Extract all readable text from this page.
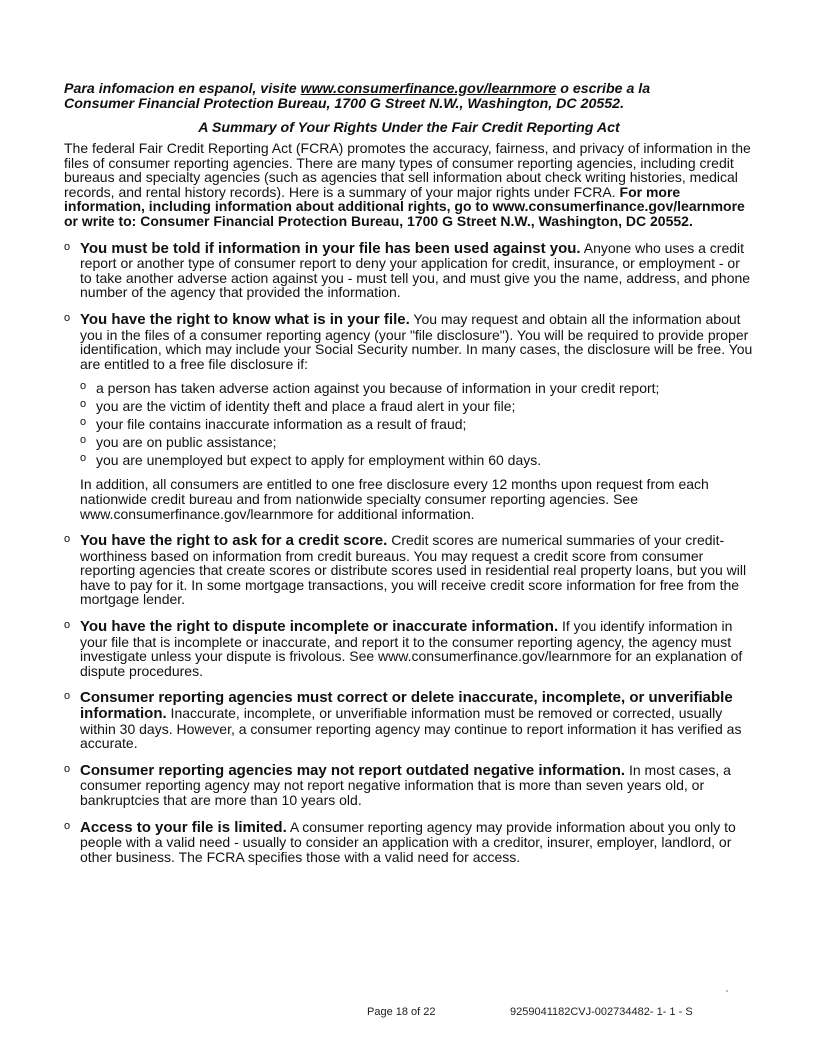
Para infomacion en espanol, visite www.consumerfinance.gov/learnmore o escribe a la
Consumer Financial Protection Bureau, 1700 G Street N.W., Washington, DC 20552.

A Summary of Your Rights Under the Fair Credit Reporting Act

The federal Fair Credit Reporting Act (FCRA) promotes the accuracy, fairness, and privacy of information in the files of consumer reporting agencies. There are many types of consumer reporting agencies, including credit bureaus and specialty agencies (such as agencies that sell information about check writing histories, medical records, and rental history records). Here is a summary of your major rights under FCRA. For more information, including information about additional rights, go to www.consumerfinance.gov/learnmore or write to: Consumer Financial Protection Bureau, 1700 G Street N.W., Washington, DC 20552.

o You must be told if information in your file has been used against you. Anyone who uses a credit report or another type of consumer report to deny your application for credit, insurance, or employment - or to take another adverse action against you - must tell you, and must give you the name, address, and phone number of the agency that provided the information.
o You have the right to know what is in your file. You may request and obtain all the information about you in the files of a consumer reporting agency (your "file disclosure"). You will be required to provide proper identification, which may include your Social Security number. In many cases, the disclosure will be free. You are entitled to a free file disclosure if:
o a person has taken adverse action against you because of information in your credit report;
o you are the victim of identity theft and place a fraud alert in your file;
o your file contains inaccurate information as a result of fraud;
o you are on public assistance;
o you are unemployed but expect to apply for employment within 60 days.

In addition, all consumers are entitled to one free disclosure every 12 months upon request from each nationwide credit bureau and from nationwide specialty consumer reporting agencies. See www.consumerfinance.gov/learnmore for additional information.

o You have the right to ask for a credit score. Credit scores are numerical summaries of your credit-worthiness based on information from credit bureaus. You may request a credit score from consumer reporting agencies that create scores or distribute scores used in residential real property loans, but you will have to pay for it. In some mortgage transactions, you will receive credit score information for free from the mortgage lender.
o You have the right to dispute incomplete or inaccurate information. If you identify information in your file that is incomplete or inaccurate, and report it to the consumer reporting agency, the agency must investigate unless your dispute is frivolous. See www.consumerfinance.gov/learnmore for an explanation of dispute procedures.
o Consumer reporting agencies must correct or delete inaccurate, incomplete, or unverifiable information. Inaccurate, incomplete, or unverifiable information must be removed or corrected, usually within 30 days. However, a consumer reporting agency may continue to report information it has verified as accurate.
o Consumer reporting agencies may not report outdated negative information. In most cases, a consumer reporting agency may not report negative information that is more than seven years old, or bankruptcies that are more than 10 years old.
o Access to your file is limited. A consumer reporting agency may provide information about you only to people with a valid need - usually to consider an application with a creditor, insurer, employer, landlord, or other business. The FCRA specifies those with a valid need for access.
Page 18 of 22	9259041182CVJ-002734482- 1- 1 - S
